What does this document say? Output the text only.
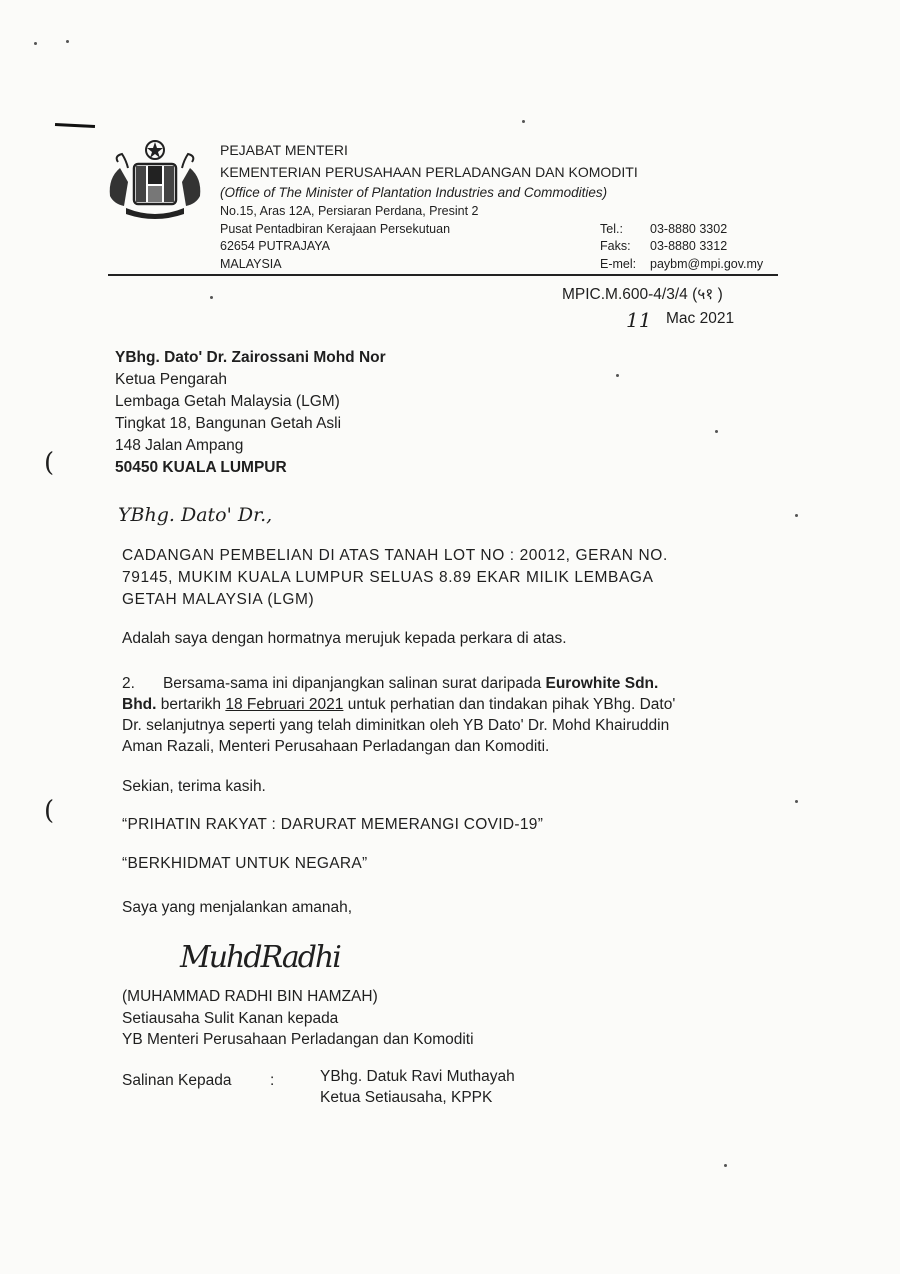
(
(
PEJABAT MENTERI
KEMENTERIAN PERUSAHAAN PERLADANGAN DAN KOMODITI
(Office of The Minister of Plantation Industries and Commodities)
No.15, Aras 12A, Persiaran Perdana, Presint 2
Pusat Pentadbiran Kerajaan Persekutuan
62654 PUTRAJAYA
MALAYSIA
Tel.: 03-8880 3302
Faks: 03-8880 3312
E-mel: paybm@mpi.gov.my
MPIC.M.600-4/3/4 (५१ )
11 Mac 2021
YBhg. Dato' Dr. Zairossani Mohd Nor
Ketua Pengarah
Lembaga Getah Malaysia (LGM)
Tingkat 18, Bangunan Getah Asli
148 Jalan Ampang
50450 KUALA LUMPUR
YBhg. Dato' Dr.,
CADANGAN PEMBELIAN DI ATAS TANAH LOT NO : 20012, GERAN NO.
79145, MUKIM KUALA LUMPUR SELUAS 8.89 EKAR MILIK LEMBAGA
GETAH MALAYSIA (LGM)
Adalah saya dengan hormatnya merujuk kepada perkara di atas.
2. Bersama-sama ini dipanjangkan salinan surat daripada Eurowhite Sdn.
Bhd. bertarikh 18 Februari 2021 untuk perhatian dan tindakan pihak YBhg. Dato'
Dr. selanjutnya seperti yang telah diminitkan oleh YB Dato' Dr. Mohd Khairuddin
Aman Razali, Menteri Perusahaan Perladangan dan Komoditi.
Sekian, terima kasih.
“PRIHATIN RAKYAT : DARURAT MEMERANGI COVID-19”
“BERKHIDMAT UNTUK NEGARA”
Saya yang menjalankan amanah,
MuhdRadhi
(MUHAMMAD RADHI BIN HAMZAH)
Setiausaha Sulit Kanan kepada
YB Menteri Perusahaan Perladangan dan Komoditi
Salinan Kepada :	YBhg. Datuk Ravi Muthayah
Ketua Setiausaha, KPPK
